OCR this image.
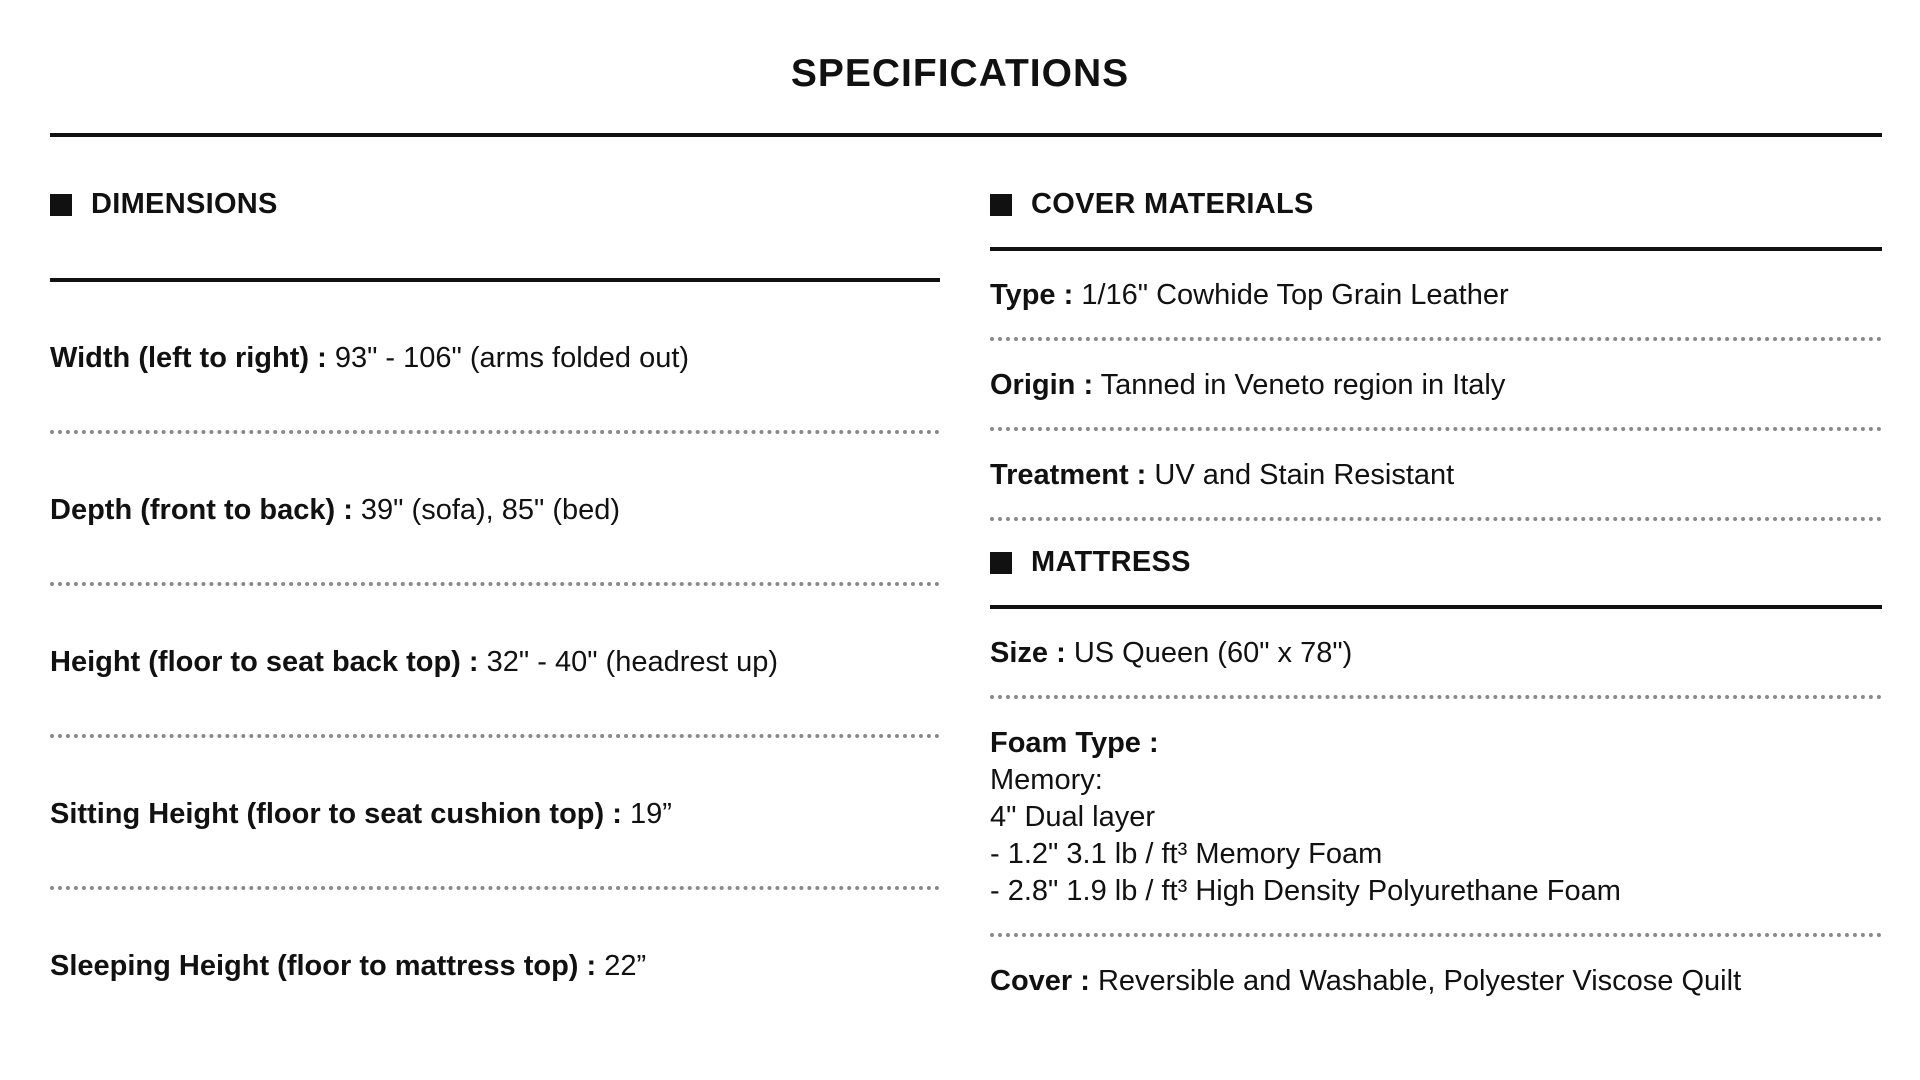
SPECIFICATIONS
DIMENSIONS
Width (left to right) : 93" - 106" (arms folded out)
Depth (front to back) : 39" (sofa), 85" (bed)
Height (floor to seat back top) : 32" - 40" (headrest up)
Sitting Height (floor to seat cushion top) : 19”
Sleeping Height (floor to mattress top) : 22”
COVER MATERIALS
Type : 1/16" Cowhide Top Grain Leather
Origin : Tanned in Veneto region in Italy
Treatment : UV and Stain Resistant
MATTRESS
Size : US Queen (60" x 78")
Foam Type :
Memory:
4" Dual layer
- 1.2" 3.1 lb / ft³ Memory Foam
- 2.8" 1.9 lb / ft³ High Density Polyurethane Foam
Cover : Reversible and Washable, Polyester Viscose Quilt
